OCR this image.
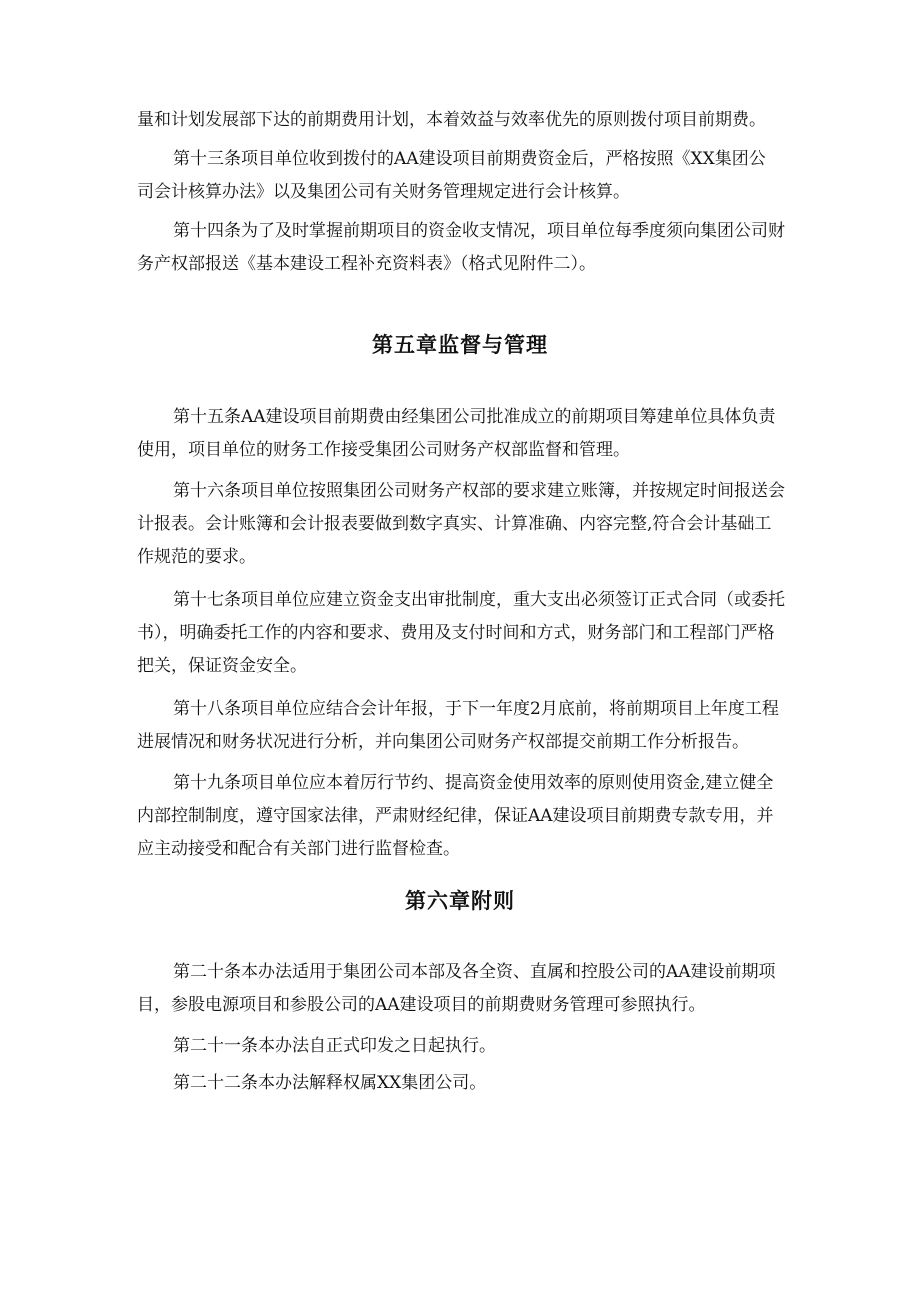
量和计划发展部下达的前期费用计划，本着效益与效率优先的原则拨付项目前期费。

第十三条项目单位收到拨付的AA建设项目前期费资金后，严格按照《XX集团公
司会计核算办法》以及集团公司有关财务管理规定进行会计核算。

第十四条为了及时掌握前期项目的资金收支情况，项目单位每季度须向集团公司财
务产权部报送《基本建设工程补充资料表》（格式见附件二）。

第五章监督与管理

第十五条AA建设项目前期费由经集团公司批准成立的前期项目筹建单位具体负责
使用，项目单位的财务工作接受集团公司财务产权部监督和管理。

第十六条项目单位按照集团公司财务产权部的要求建立账簿，并按规定时间报送会
计报表。会计账簿和会计报表要做到数字真实、计算准确、内容完整,符合会计基础工
作规范的要求。

第十七条项目单位应建立资金支出审批制度，重大支出必须签订正式合同（或委托
书），明确委托工作的内容和要求、费用及支付时间和方式，财务部门和工程部门严格
把关，保证资金安全。

第十八条项目单位应结合会计年报，于下一年度2月底前，将前期项目上年度工程
进展情况和财务状况进行分析，并向集团公司财务产权部提交前期工作分析报告。

第十九条项目单位应本着厉行节约、提高资金使用效率的原则使用资金,建立健全
内部控制制度，遵守国家法律，严肃财经纪律，保证AA建设项目前期费专款专用，并
应主动接受和配合有关部门进行监督检查。

第六章附则

第二十条本办法适用于集团公司本部及各全资、直属和控股公司的AA建设前期项
目，参股电源项目和参股公司的AA建设项目的前期费财务管理可参照执行。

第二十一条本办法自正式印发之日起执行。

第二十二条本办法解释权属XX集团公司。
